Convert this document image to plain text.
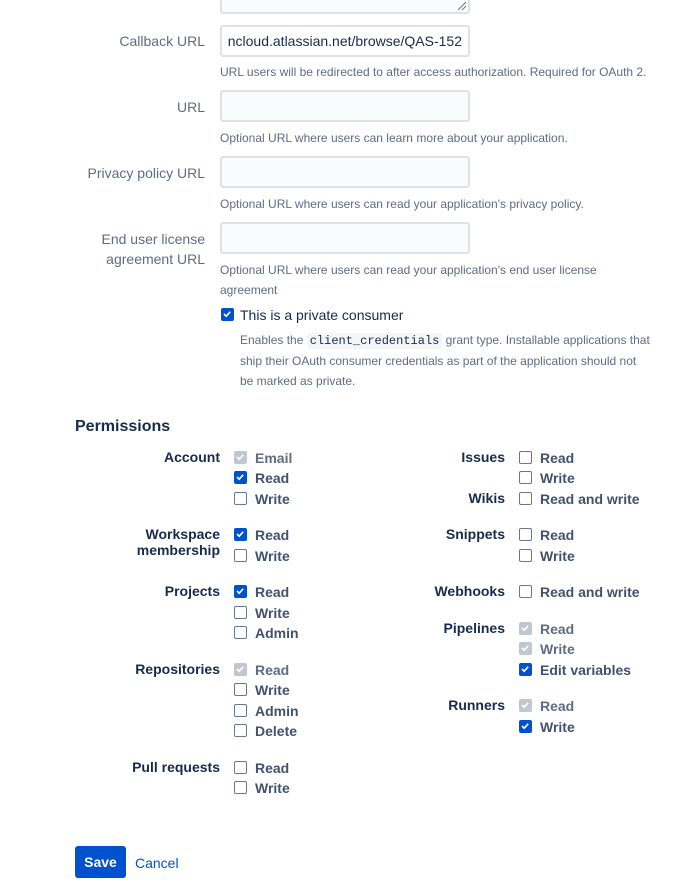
Callback URL	ncloud.atlassian.net/browse/QAS-152
URL users will be redirected to after access authorization. Required for OAuth 2.
URL
Optional URL where users can learn more about your application.
Privacy policy URL
Optional URL where users can read your application's privacy policy.
End user license
agreement URL
Optional URL where users can read your application's end user license
agreement
This is a private consumer
Enables the client_credentials grant type. Installable applications that
ship their OAuth consumer credentials as part of the application should not
be marked as private.
Permissions
Account
Workspace
membership
Projects
Repositories
Pull requests
Issues
Wikis
Snippets
Webhooks
Pipelines
Runners
Email
Read
Write
Read
Write
Read
Write
Admin
Read
Write
Admin
Delete
Read
Write
Read
Write
Read and write
Read
Write
Read and write
Read
Write
Edit variables
Read
Write
Save	Cancel
